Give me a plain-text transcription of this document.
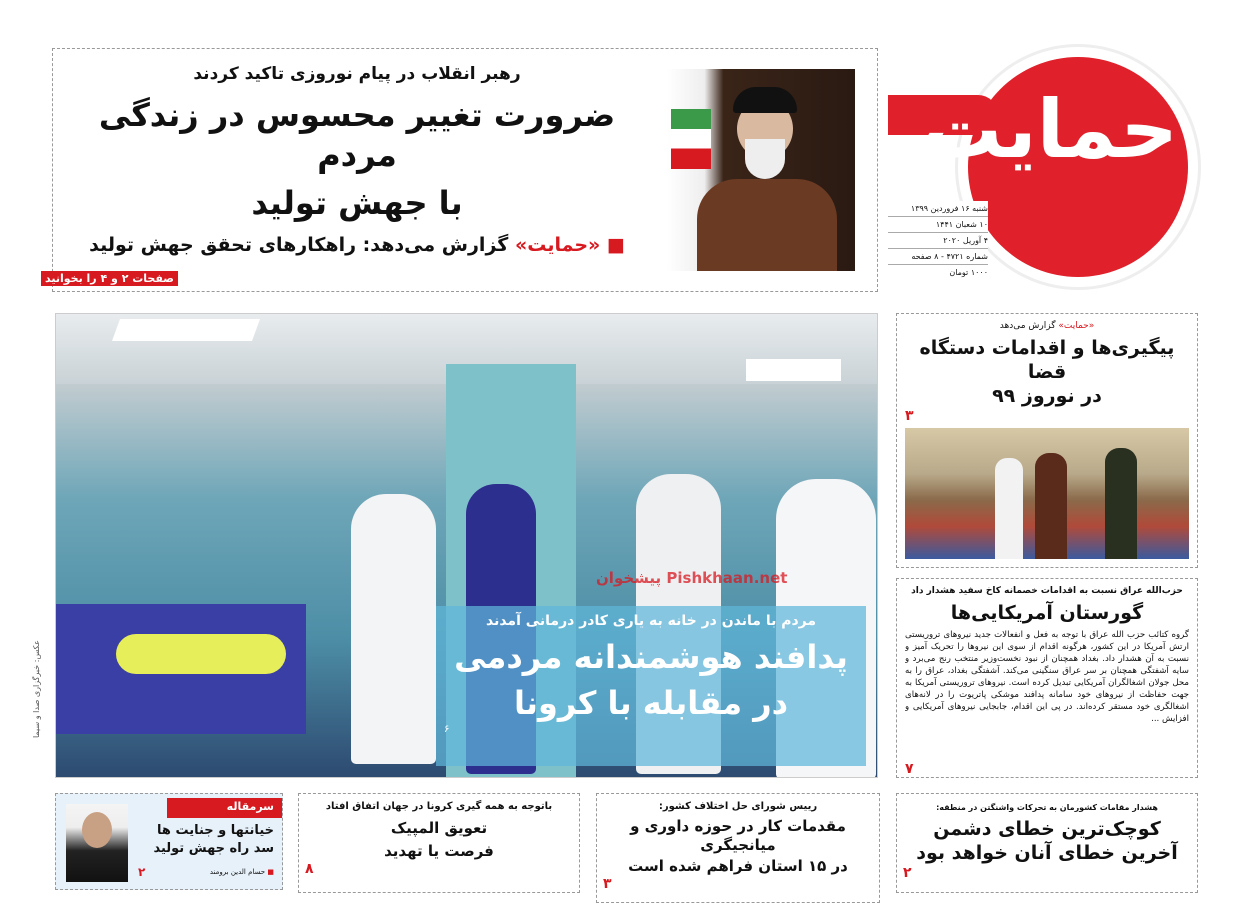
رهبر انقلاب در پیام نوروزی تاکید کردند
ضرورت تغییر محسوس در زندگی مردم
با جهش تولید
■ «حمایت» گزارش می‌دهد: راهکارهای تحقق جهش تولید
صفحات ۲ و ۴ را بخوانید
حمایت
شنبه ۱۶ فروردین ۱۳۹۹
۱۰ شعبان ۱۴۴۱
۴ آوریل ۲۰۲۰
شماره ۴۷۲۱ - ۸ صفحه
۱۰۰۰ تومان
پیشخوان Pishkhaan.net
مردم با ماندن در خانه به یاری کادر درمانی آمدند
پدافند هوشمندانه مردمی
در مقابله با کرونا
۶
عکس: خبرگزاری صدا و سیما
«حمایت» گزارش می‌دهد
پیگیری‌ها و اقدامات دستگاه قضا
در نوروز ۹۹
۳
حزب‌الله عراق نسبت به اقدامات خصمانه کاخ سفید هشدار داد
گورستان آمریکایی‌ها
گروه کتائب حزب الله عراق با توجه به فعل و انفعالات جدید نیروهای تروریستی ارتش آمریکا در این کشور، هرگونه اقدام از سوی این نیروها را تحریک آمیز و نسبت به آن هشدار داد. بغداد همچنان از نبود نخست‌وزیر منتخب رنج می‌برد و سایه آشفتگی همچنان بر سر عراق سنگینی می‌کند. آشفتگی بغداد، عراق را به محل جولان اشغالگران آمریکایی تبدیل کرده است. نیروهای تروریستی آمریکا به جهت حفاظت از نیروهای خود سامانه پدافند موشکی پاتریوت را در لانه‌های اشغالگری خود مستقر کرده‌اند. در پی این اقدام، جابجایی نیروهای آمریکایی و افزایش ...
۷
سرمقاله
خیانتها و جنایت ها
سد راه جهش تولید
۲	■ حسام الدین برومند
باتوجه به همه گیری کرونا در جهان اتفاق افتاد
تعویق المپیک
فرصت یا تهدید
۸
رییس شورای حل اختلاف کشور:
مقدمات کار در حوزه داوری و میانجیگری
در ۱۵ استان فراهم شده است
۳
هشدار مقامات کشورمان به تحرکات واشنگتن در منطقه:
کوچک‌ترین خطای دشمن
آخرین خطای آنان خواهد بود
۲
